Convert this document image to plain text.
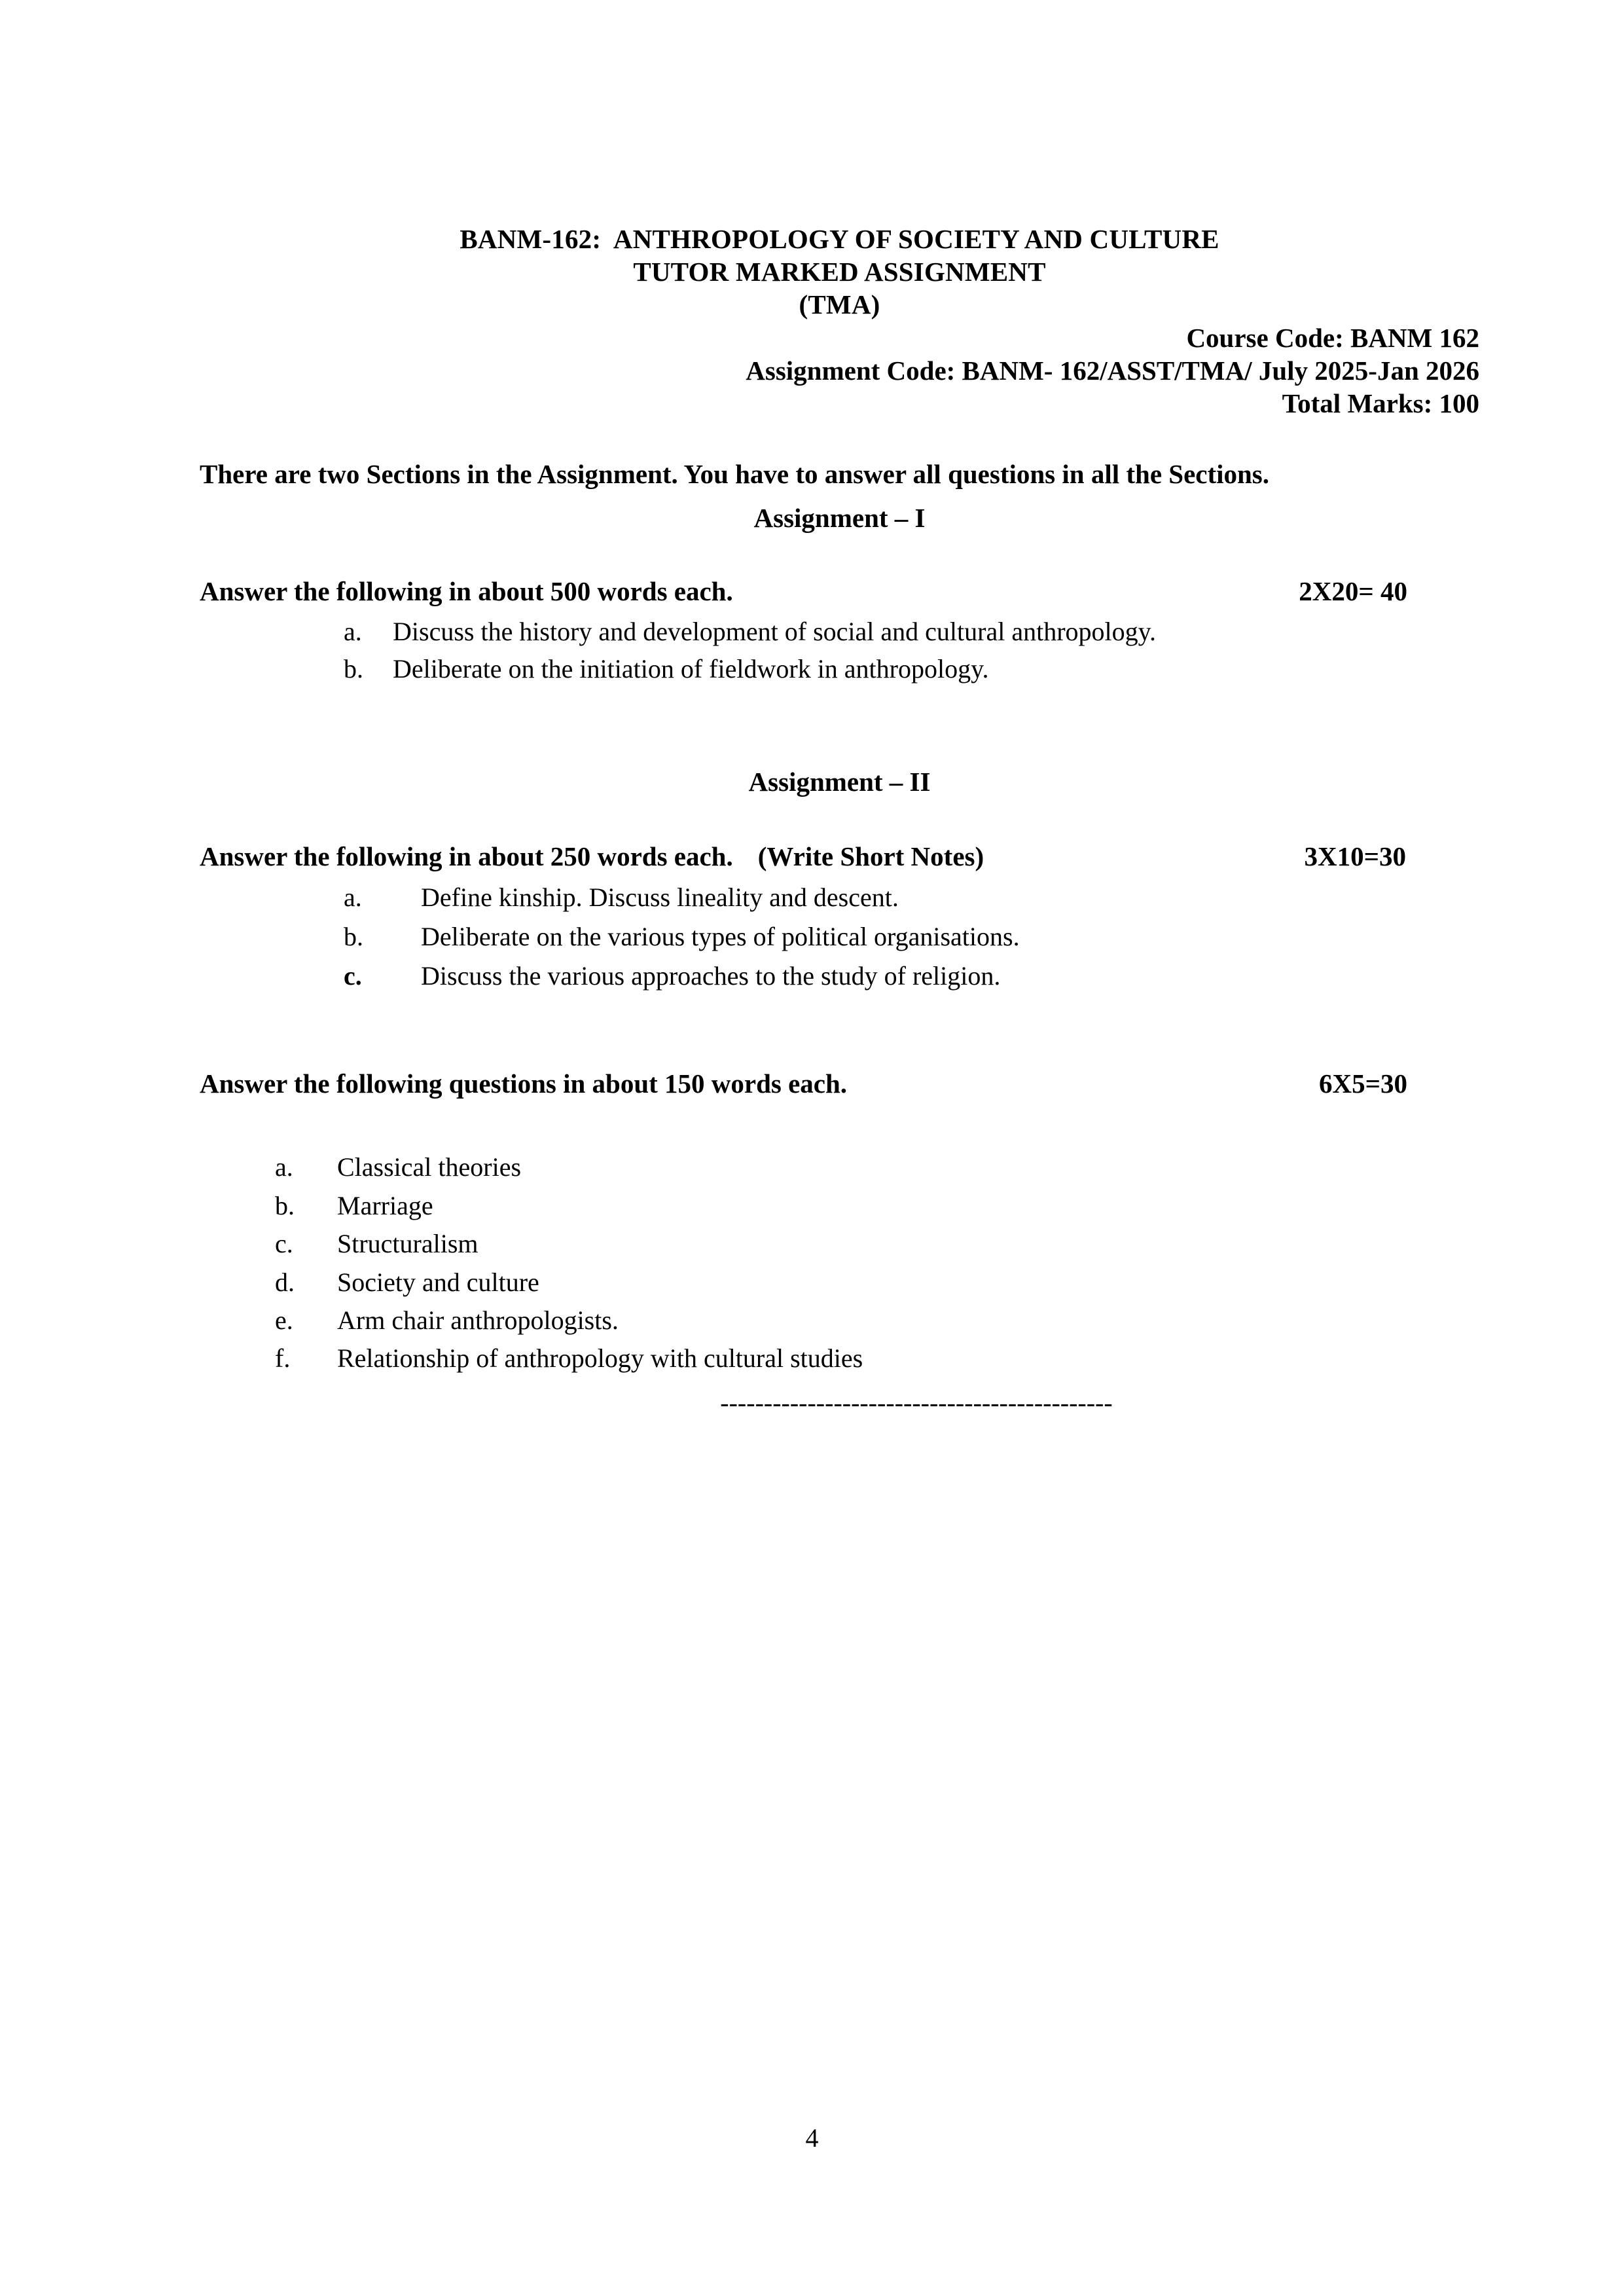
BANM-162:  ANTHROPOLOGY OF SOCIETY AND CULTURE
TUTOR MARKED ASSIGNMENT
(TMA)
Course Code: BANM 162
Assignment Code: BANM- 162/ASST/TMA/ July 2025-Jan 2026
Total Marks: 100
There are two Sections in the Assignment. You have to answer all questions in all the Sections.
Assignment – I
Answer the following in about 500 words each.	2X20= 40
a.	Discuss the history and development of social and cultural anthropology.
b.	Deliberate on the initiation of fieldwork in anthropology.
Assignment – II
Answer the following in about 250 words each. (Write Short Notes)	3X10=30
a.	Define kinship. Discuss lineality and descent.
b.	Deliberate on the various types of political organisations.
c.	Discuss the various approaches to the study of religion.
Answer the following questions in about 150 words each.	6X5=30
a.	Classical theories
b.	Marriage
c.	Structuralism
d.	Society and culture
e.	Arm chair anthropologists.
f.	Relationship of anthropology with cultural studies
---------------------------------------------
4
